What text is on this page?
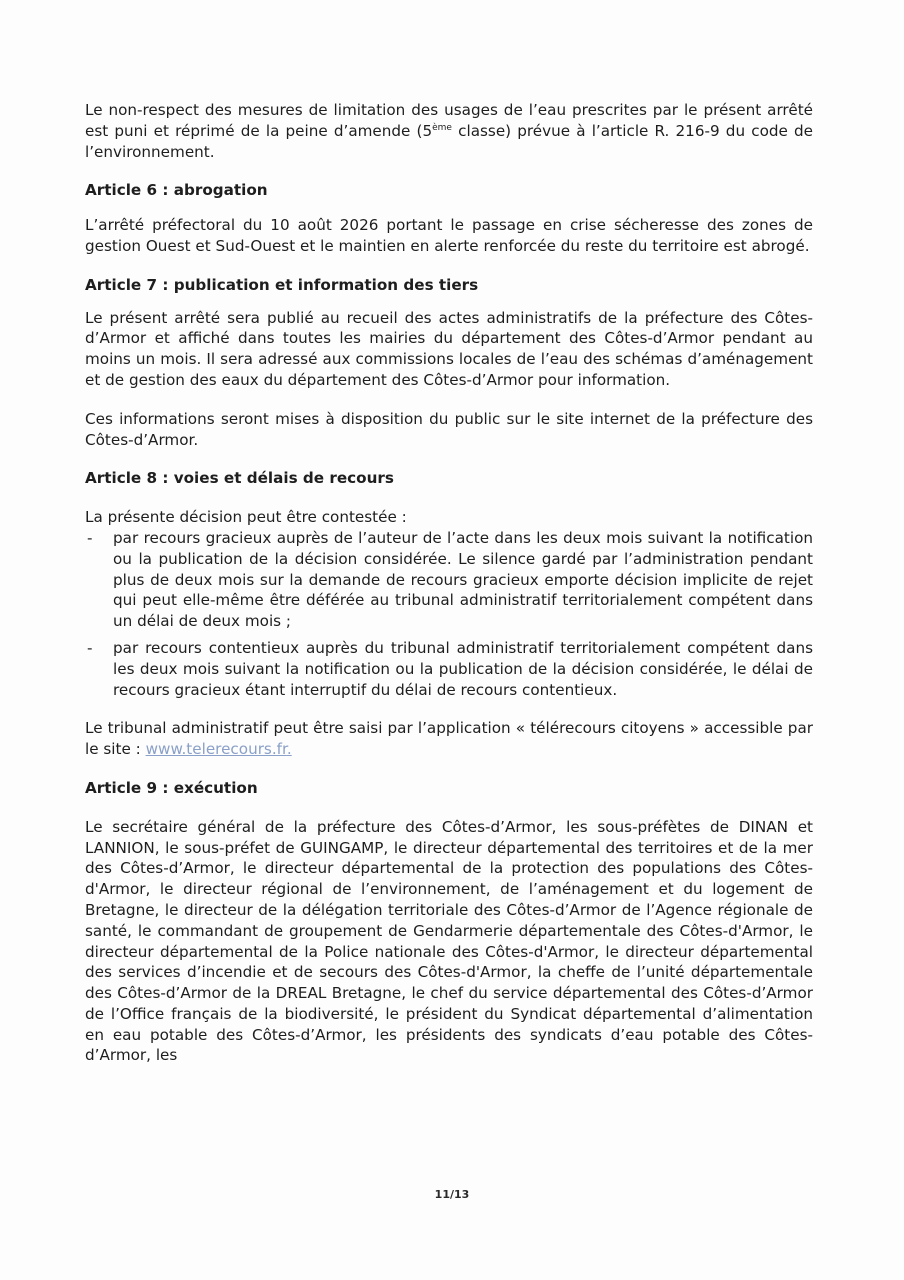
Le non-respect des mesures de limitation des usages de l’eau prescrites par le présent arrêté est puni et réprimé de la peine d’amende (5ème classe) prévue à l’article R. 216-9 du code de l’environnement.

Article 6 : abrogation

L’arrêté préfectoral du 10 août 2026 portant le passage en crise sécheresse des zones de gestion Ouest et Sud-Ouest et le maintien en alerte renforcée du reste du territoire est abrogé.

Article 7 : publication et information des tiers

Le présent arrêté sera publié au recueil des actes administratifs de la préfecture des Côtes-d’Armor et affiché dans toutes les mairies du département des Côtes-d’Armor pendant au moins un mois. Il sera adressé aux commissions locales de l’eau des schémas d’aménagement et de gestion des eaux du département des Côtes-d’Armor pour information.

Ces informations seront mises à disposition du public sur le site internet de la préfecture des Côtes-d’Armor.

Article 8 : voies et délais de recours

La présente décision peut être contestée :

- par recours gracieux auprès de l’auteur de l’acte dans les deux mois suivant la notification ou la publication de la décision considérée. Le silence gardé par l’administration pendant plus de deux mois sur la demande de recours gracieux emporte décision implicite de rejet qui peut elle-même être déférée au tribunal administratif territorialement compétent dans un délai de deux mois ;
- par recours contentieux auprès du tribunal administratif territorialement compétent dans les deux mois suivant la notification ou la publication de la décision considérée, le délai de recours gracieux étant interruptif du délai de recours contentieux.

Le tribunal administratif peut être saisi par l’application « télérecours citoyens » accessible par le site : www.telerecours.fr.

Article 9 : exécution

Le secrétaire général de la préfecture des Côtes-d’Armor, les sous-préfètes de DINAN et LANNION, le sous-préfet de GUINGAMP, le directeur départemental des territoires et de la mer des Côtes-d’Armor, le directeur départemental de la protection des populations des Côtes-d'Armor, le directeur régional de l’environnement, de l’aménagement et du logement de Bretagne, le directeur de la délégation territoriale des Côtes-d’Armor de l’Agence régionale de santé, le commandant de groupement de Gendarmerie départementale des Côtes-d'Armor, le directeur départemental de la Police nationale des Côtes-d'Armor, le directeur départemental des services d’incendie et de secours des Côtes-d'Armor, la cheffe de l’unité départementale des Côtes-d’Armor de la DREAL Bretagne, le chef du service départemental des Côtes-d’Armor de l’Office français de la biodiversité, le président du Syndicat départemental d’alimentation en eau potable des Côtes-d’Armor, les présidents des syndicats d’eau potable des Côtes-d’Armor, les

11/13
